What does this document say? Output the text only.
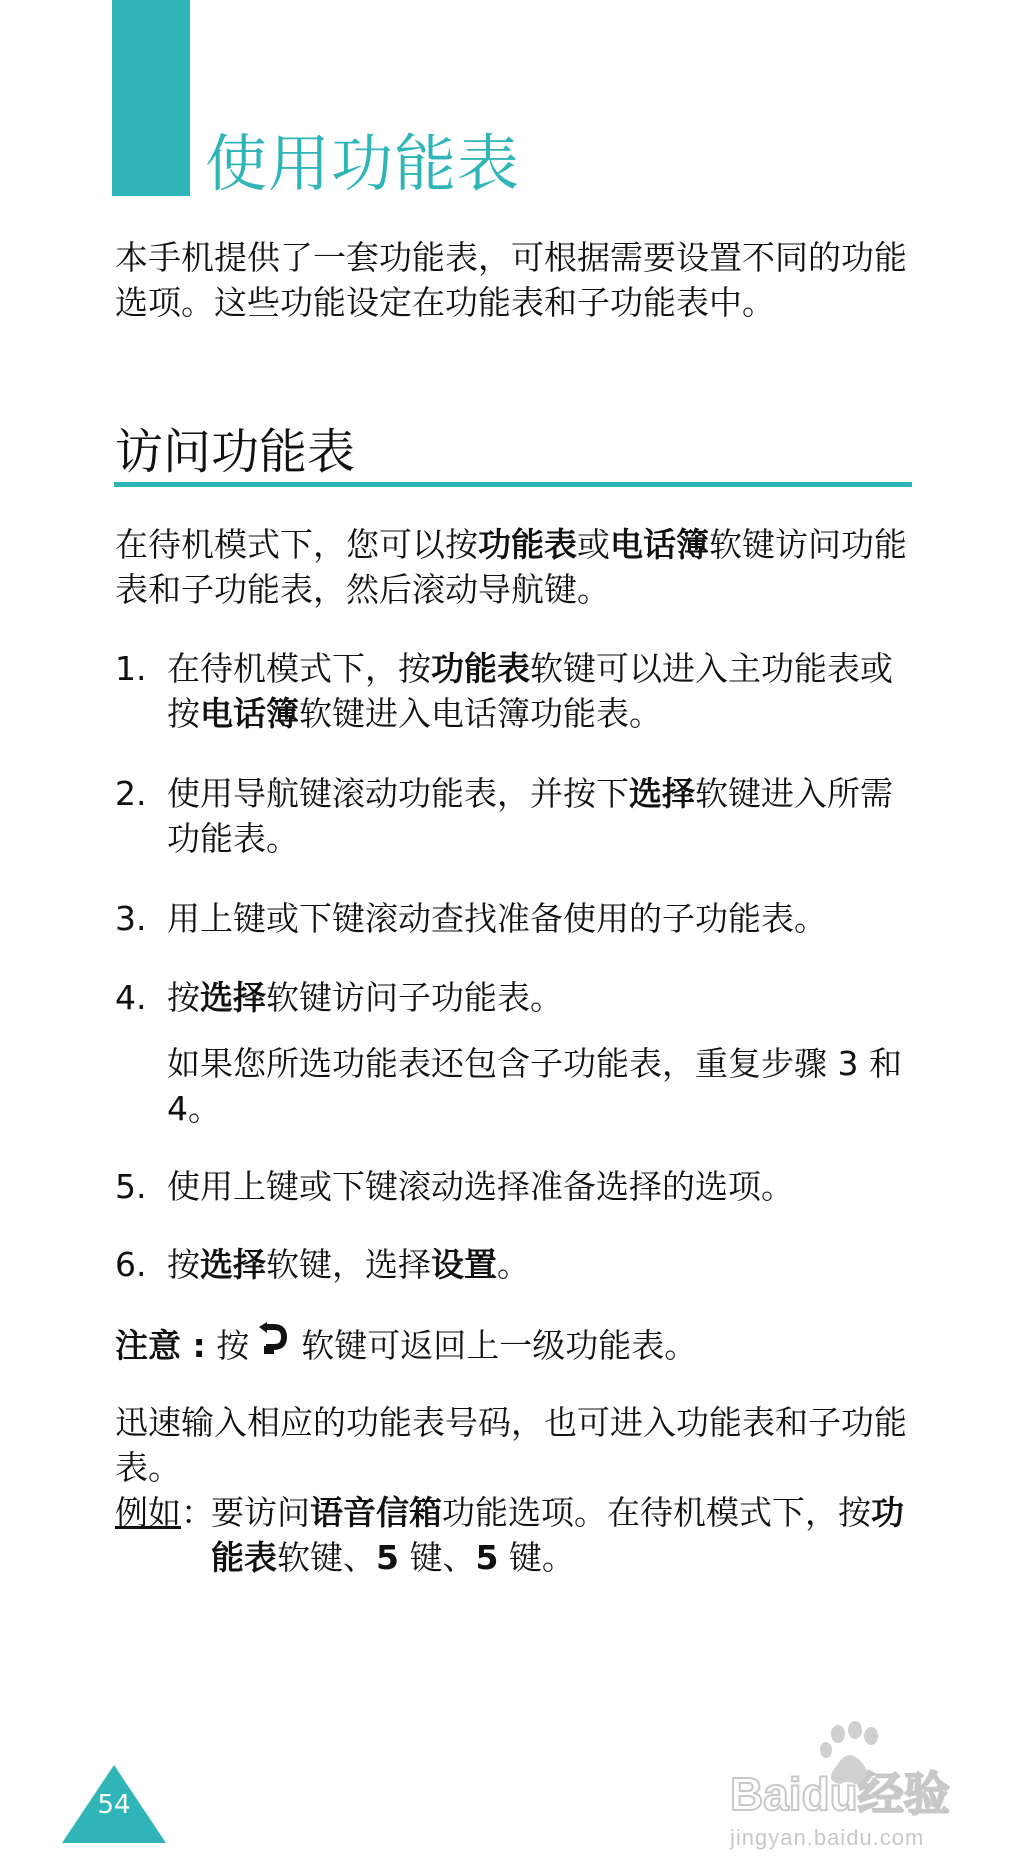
使用功能表

本手机提供了一套功能表，可根据需要设置不同的功能选项。这些功能设定在功能表和子功能表中。

访问功能表

在待机模式下，您可以按功能表或电话簿软键访问功能表和子功能表，然后滚动导航键。

1. 在待机模式下，按功能表软键可以进入主功能表或按电话簿软键进入电话簿功能表。
2. 使用导航键滚动功能表，并按下选择软键进入所需功能表。
3. 用上键或下键滚动查找准备使用的子功能表。
4. 按选择软键访问子功能表。
如果您所选功能表还包含子功能表，重复步骤 3 和 4。
5. 使用上键或下键滚动选择准备选择的选项。
6. 按选择软键，选择设置。

注意 : 按 软键可返回上一级功能表。

迅速输入相应的功能表号码，也可进入功能表和子功能表。

例如：
要访问语音信箱功能选项。在待机模式下，按功能表软键、5 键、5 键。
54	Baidu经验
jingyan.baidu.com
